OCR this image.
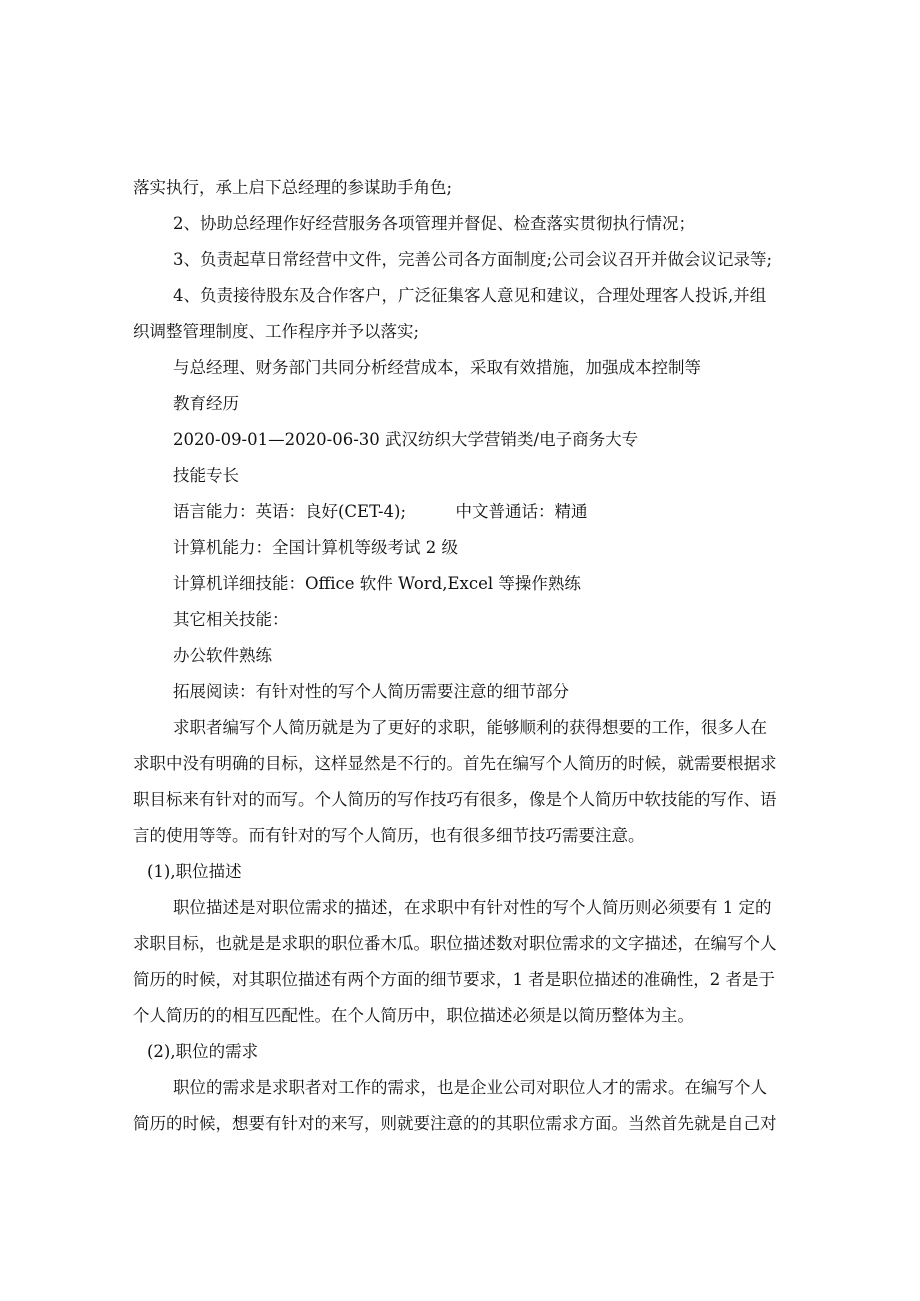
落实执行，承上启下总经理的参谋助手角色;
2、协助总经理作好经营服务各项管理并督促、检查落实贯彻执行情况；
3、负责起草日常经营中文件，完善公司各方面制度;公司会议召开并做会议记录等;
4、负责接待股东及合作客户，广泛征集客人意见和建议，合理处理客人投诉,并组
织调整管理制度、工作程序并予以落实;
与总经理、财务部门共同分析经营成本，采取有效措施，加强成本控制等
教育经历
2020-09-01—2020-06-30 武汉纺织大学营销类/电子商务大专
技能专长
语言能力：英语：良好(CET-4);　　　中文普通话：精通
计算机能力：全国计算机等级考试 2 级
计算机详细技能：Office 软件 Word,Excel 等操作熟练
其它相关技能：
办公软件熟练
拓展阅读：有针对性的写个人简历需要注意的细节部分
求职者编写个人简历就是为了更好的求职，能够顺利的获得想要的工作，很多人在
求职中没有明确的目标，这样显然是不行的。首先在编写个人简历的时候，就需要根据求
职目标来有针对的而写。个人简历的写作技巧有很多，像是个人简历中软技能的写作、语
言的使用等等。而有针对的写个人简历，也有很多细节技巧需要注意。
(1),职位描述
职位描述是对职位需求的描述，在求职中有针对性的写个人简历则必须要有 1 定的
求职目标，也就是是求职的职位番木瓜。职位描述数对职位需求的文字描述，在编写个人
简历的时候，对其职位描述有两个方面的细节要求，1 者是职位描述的准确性，2 者是于
个人简历的的相互匹配性。在个人简历中，职位描述必须是以简历整体为主。
(2),职位的需求
职位的需求是求职者对工作的需求，也是企业公司对职位人才的需求。在编写个人
简历的时候，想要有针对的来写，则就要注意的的其职位需求方面。当然首先就是自己对
